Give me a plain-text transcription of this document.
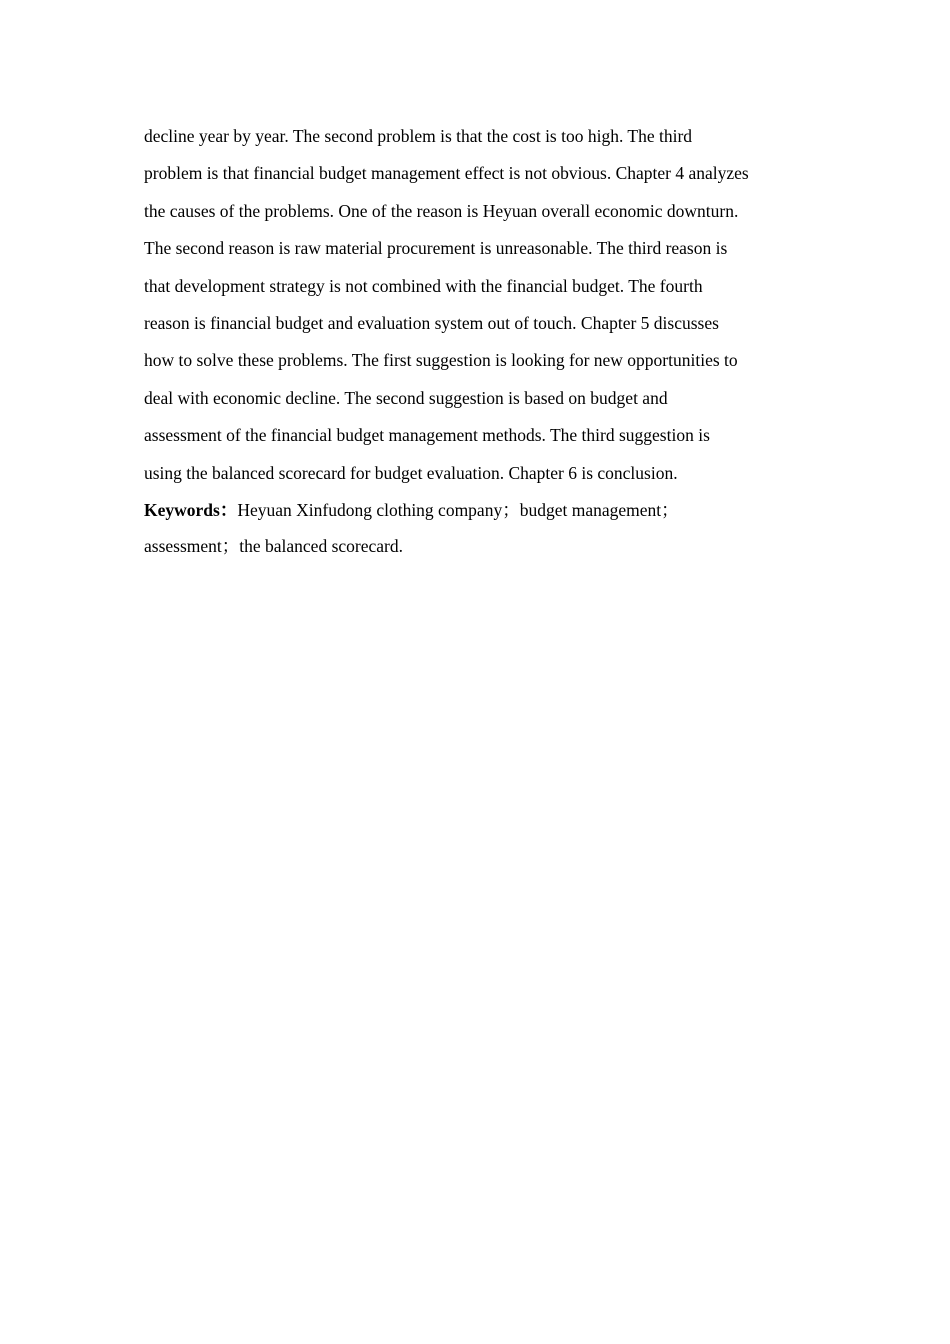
decline year by year. The second problem is that the cost is too high. The third
problem is that financial budget management effect is not obvious. Chapter 4 analyzes
the causes of the problems. One of the reason is Heyuan overall economic downturn.
The second reason is raw material procurement is unreasonable. The third reason is
that development strategy is not combined with the financial budget. The fourth
reason is financial budget and evaluation system out of touch. Chapter 5 discusses
how to solve these problems. The first suggestion is looking for new opportunities to
deal with economic decline. The second suggestion is based on budget and
assessment of the financial budget management methods. The third suggestion is
using the balanced scorecard for budget evaluation. Chapter 6 is conclusion.
Keywords：Heyuan Xinfudong clothing company；budget management；
assessment；the balanced scorecard.
